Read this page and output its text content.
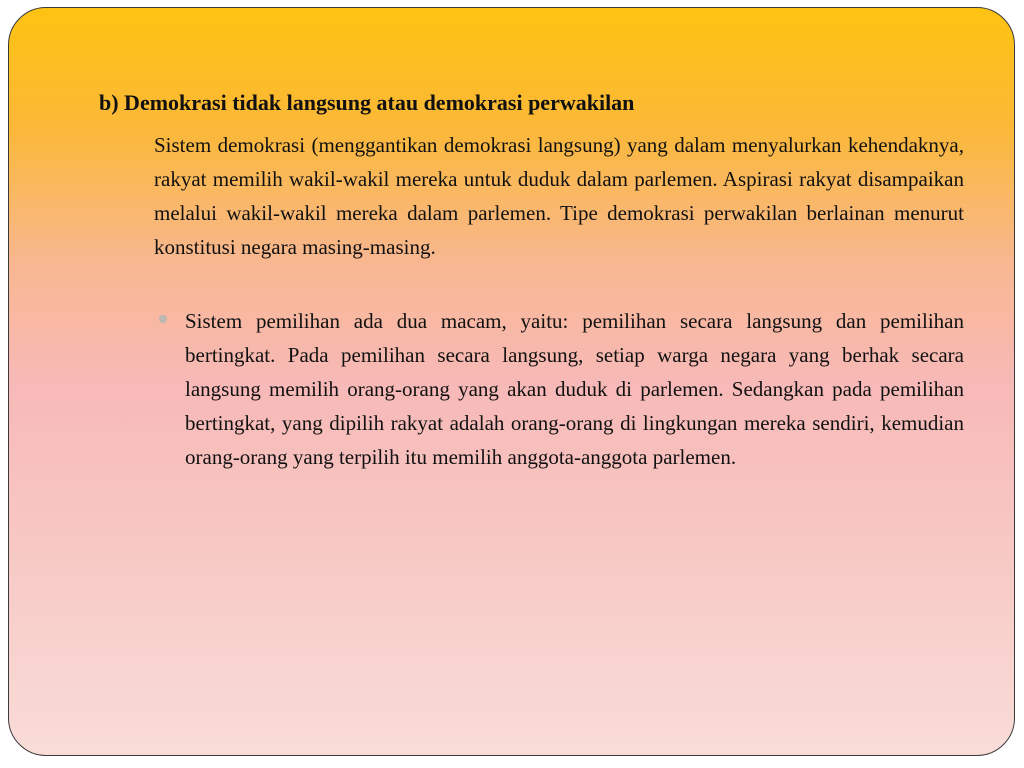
b) Demokrasi tidak langsung atau demokrasi perwakilan

Sistem demokrasi (menggantikan demokrasi langsung) yang dalam menyalurkan kehendaknya, rakyat memilih wakil-wakil mereka untuk duduk dalam parlemen. Aspirasi rakyat disampaikan melalui wakil-wakil mereka dalam parlemen. Tipe demokrasi perwakilan berlainan menurut konstitusi negara masing-masing.

Sistem pemilihan ada dua macam, yaitu: pemilihan secara langsung dan pemilihan bertingkat. Pada pemilihan secara langsung, setiap warga negara yang berhak secara langsung memilih orang-orang yang akan duduk di parlemen. Sedangkan pada pemilihan bertingkat, yang dipilih rakyat adalah orang-orang di lingkungan mereka sendiri, kemudian orang-orang yang terpilih itu memilih anggota-anggota parlemen.
